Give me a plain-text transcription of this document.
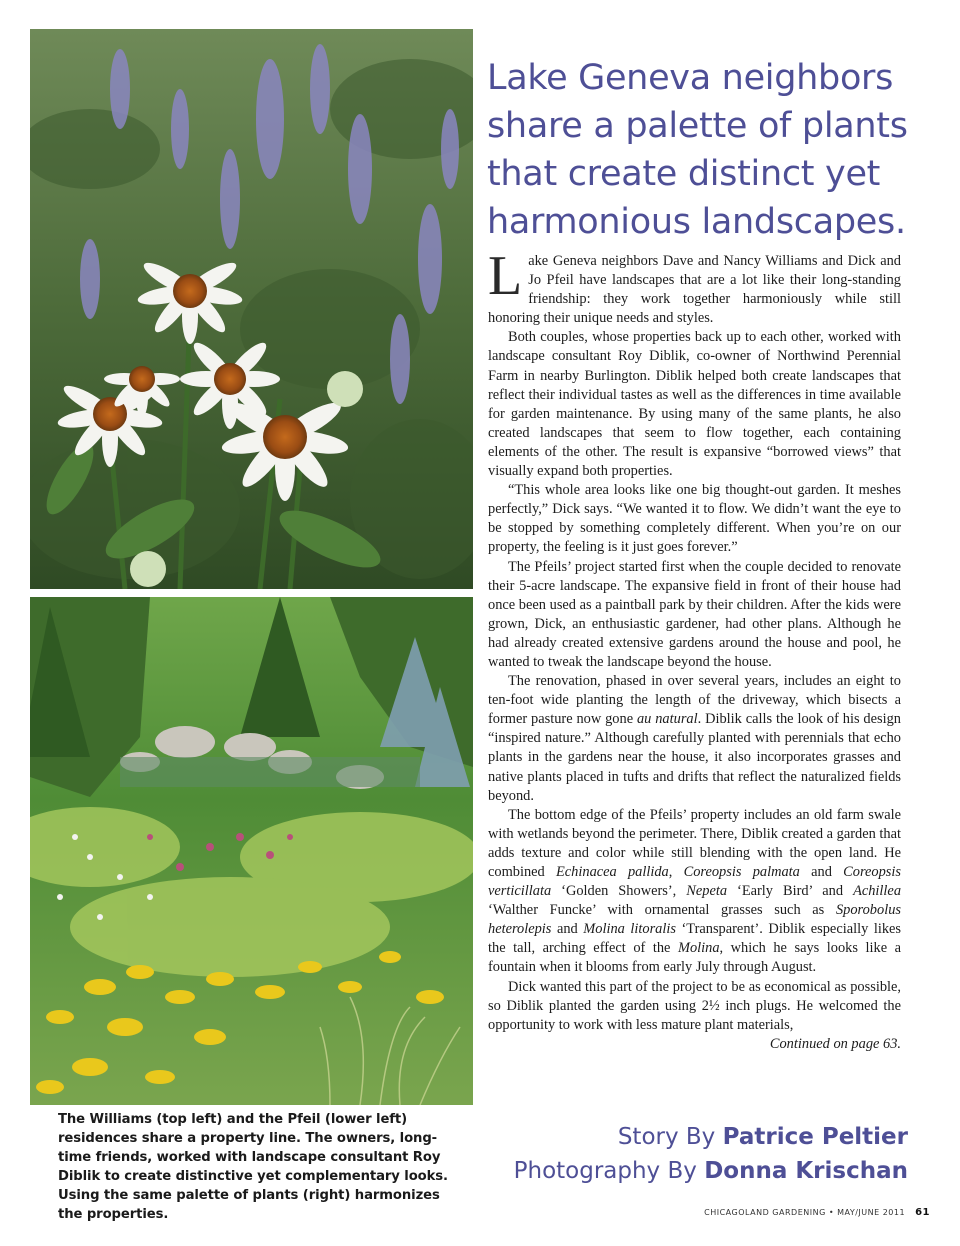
The Williams (top left) and the Pfeil (lower left) residences share a property line. The owners, long-time friends, worked with landscape consultant Roy Diblik to create distinctive yet complementary looks. Using the same palette of plants (right) harmonizes the properties.
Lake Geneva neighbors share a palette of plants that create distinct yet harmonious landscapes.

Lake Geneva neighbors Dave and Nancy Williams and Dick and Jo Pfeil have landscapes that are a lot like their long-standing friendship: they work together harmoniously while still honoring their unique needs and styles.

Both couples, whose properties back up to each other, worked with landscape consultant Roy Diblik, co-owner of Northwind Perennial Farm in nearby Burlington. Diblik helped both create landscapes that reflect their individual tastes as well as the differences in time available for garden maintenance. By using many of the same plants, he also created landscapes that seem to flow together, each containing elements of the other. The result is expansive “borrowed views” that visually expand both properties.

“This whole area looks like one big thought-out garden. It meshes perfectly,” Dick says. “We wanted it to flow. We didn’t want the eye to be stopped by something completely different. When you’re on our property, the feeling is it just goes forever.”

The Pfeils’ project started first when the couple decided to renovate their 5-acre landscape. The expansive field in front of their house had once been used as a paintball park by their children. After the kids were grown, Dick, an enthusiastic gardener, had other plans. Although he had already created extensive gardens around the house and pool, he wanted to tweak the landscape beyond the house.

The renovation, phased in over several years, includes an eight to ten-foot wide planting the length of the driveway, which bisects a former pasture now gone au natural. Diblik calls the look of his design “inspired nature.” Although carefully planted with perennials that echo plants in the gardens near the house, it also incorporates grasses and native plants placed in tufts and drifts that reflect the naturalized fields beyond.

The bottom edge of the Pfeils’ property includes an old farm swale with wetlands beyond the perimeter. There, Diblik created a garden that adds texture and color while still blending with the open land. He combined Echinacea pallida, Coreopsis palmata and Coreopsis verticillata ‘Golden Showers’, Nepeta ‘Early Bird’ and Achillea ‘Walther Funcke’ with ornamental grasses such as Sporobolus heterolepis and Molina litoralis ‘Transparent’. Diblik especially likes the tall, arching effect of the Molina, which he says looks like a fountain when it blooms from early July through August.

Dick wanted this part of the project to be as economical as possible, so Diblik planted the garden using 2½ inch plugs. He welcomed the opportunity to work with less mature plant materials,

Continued on page 63.

Story By Patrice Peltier
Photography By Donna Krischan
CHICAGOLAND GARDENING • MAY/JUNE 2011 61
